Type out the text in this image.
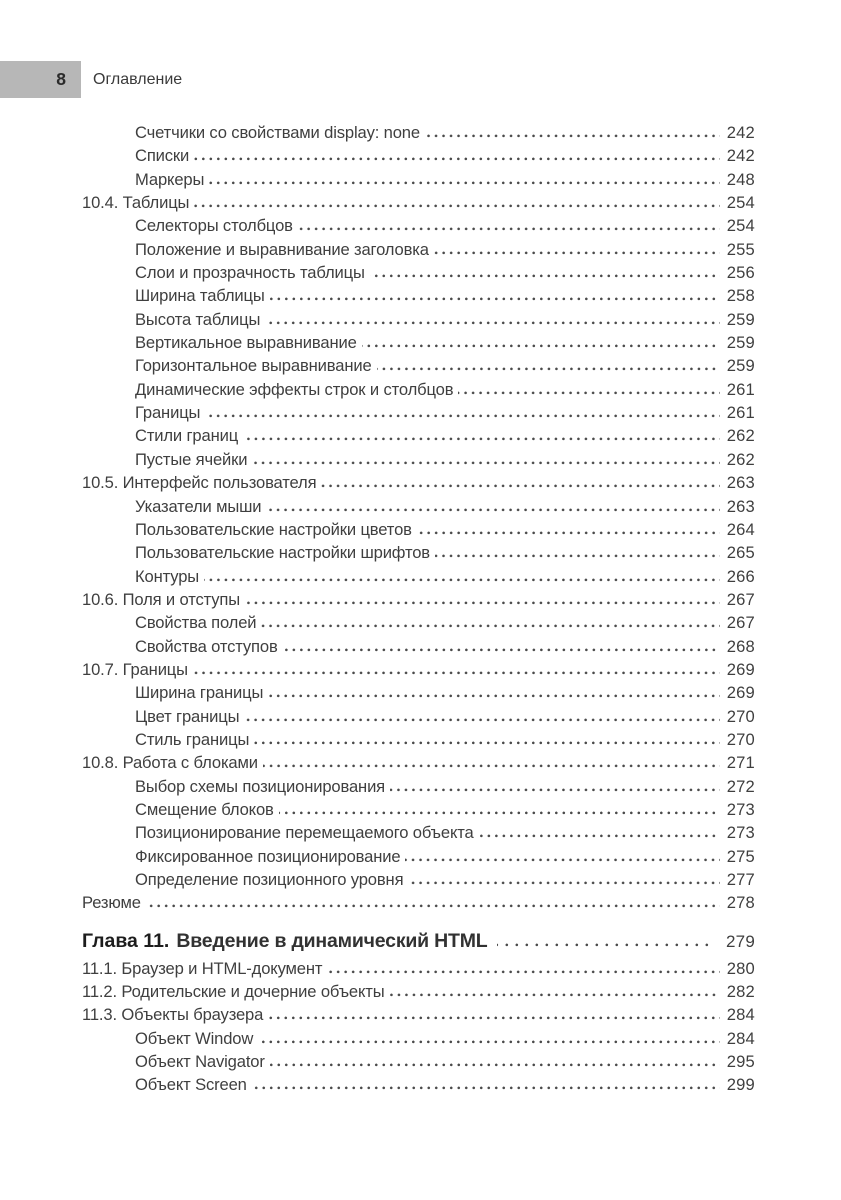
8 Оглавление
Счетчики со свойствами display: none	242
Списки	242
Маркеры	248
10.4. Таблицы	254
Селекторы столбцов	254
Положение и выравнивание заголовка	255
Слои и прозрачность таблицы	256
Ширина таблицы	258
Высота таблицы	259
Вертикальное выравнивание	259
Горизонтальное выравнивание	259
Динамические эффекты строк и столбцов	261
Границы	261
Стили границ	262
Пустые ячейки	262
10.5. Интерфейс пользователя	263
Указатели мыши	263
Пользовательские настройки цветов	264
Пользовательские настройки шрифтов	265
Контуры	266
10.6. Поля и отступы	267
Свойства полей	267
Свойства отступов	268
10.7. Границы	269
Ширина границы	269
Цвет границы	270
Стиль границы	270
10.8. Работа с блоками	271
Выбор схемы позиционирования	272
Смещение блоков	273
Позиционирование перемещаемого объекта	273
Фиксированное позиционирование	275
Определение позиционного уровня	277
Резюме	278
Глава 11. Введение в динамический HTML	279
11.1. Браузер и HTML-документ	280
11.2. Родительские и дочерние объекты	282
11.3. Объекты браузера	284
Объект Window	284
Объект Navigator	295
Объект Screen	299
